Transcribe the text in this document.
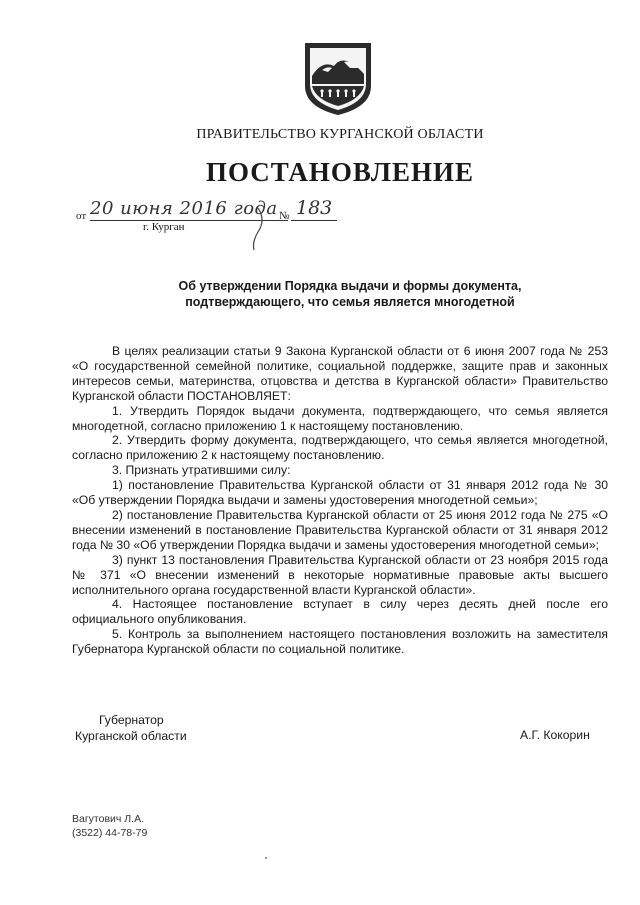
ПРАВИТЕЛЬСТВО КУРГАНСКОЙ ОБЛАСТИ
ПОСТАНОВЛЕНИЕ
от 20 июня 2016 года № 183
г. Курган
Об утверждении Порядка выдачи и формы документа,
подтверждающего, что семья является многодетной

В целях реализации статьи 9 Закона Курганской области от 6 июня 2007 года № 253 «О государственной семейной политике, социальной поддержке, защите прав и законных интересов семьи, материнства, отцовства и детства в Курганской области» Правительство Курганской области ПОСТАНОВЛЯЕТ:

1. Утвердить Порядок выдачи документа, подтверждающего, что семья является многодетной, согласно приложению 1 к настоящему постановлению.

2. Утвердить форму документа, подтверждающего, что семья является многодетной, согласно приложению 2 к настоящему постановлению.

3. Признать утратившими силу:

1) постановление Правительства Курганской области от 31 января 2012 года № 30 «Об утверждении Порядка выдачи и замены удостоверения многодетной семьи»;

2) постановление Правительства Курганской области от 25 июня 2012 года № 275 «О внесении изменений в постановление Правительства Курганской области от 31 января 2012 года № 30 «Об утверждении Порядка выдачи и замены удостоверения многодетной семьи»;

3) пункт 13 постановления Правительства Курганской области от 23 ноября 2015 года № 371 «О внесении изменений в некоторые нормативные правовые акты высшего исполнительного органа государственной власти Курганской области».

4. Настоящее постановление вступает в силу через десять дней после его официального опубликования.

5. Контроль за выполнением настоящего постановления возложить на заместителя Губернатора Курганской области по социальной политике.

Губернатор
Курганской области	А.Г. Кокорин
Вагутович Л.А.
(3522) 44-78-79
